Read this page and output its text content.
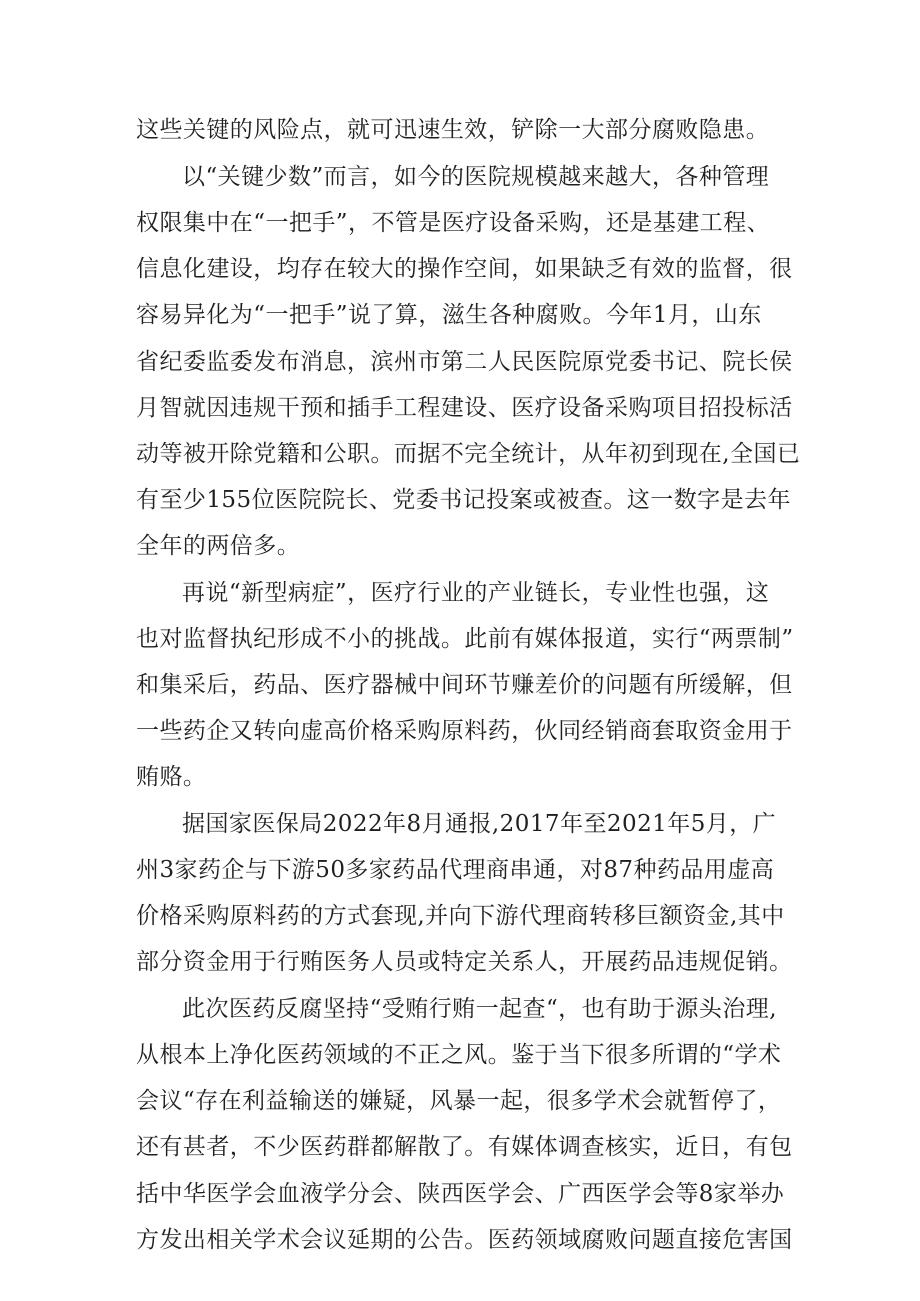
这些关键的风险点，就可迅速生效，铲除一大部分腐败隐患。
以“关键少数”而言，如今的医院规模越来越大，各种管理
权限集中在“一把手”，不管是医疗设备采购，还是基建工程、
信息化建设，均存在较大的操作空间，如果缺乏有效的监督，很
容易异化为“一把手”说了算，滋生各种腐败。今年1月，山东
省纪委监委发布消息，滨州市第二人民医院原党委书记、院长侯
月智就因违规干预和插手工程建设、医疗设备采购项目招投标活
动等被开除党籍和公职。而据不完全统计，从年初到现在,全国已
有至少155位医院院长、党委书记投案或被查。这一数字是去年
全年的两倍多。
再说“新型病症”，医疗行业的产业链长，专业性也强，这
也对监督执纪形成不小的挑战。此前有媒体报道，实行“两票制”
和集采后，药品、医疗器械中间环节赚差价的问题有所缓解，但
一些药企又转向虚高价格采购原料药，伙同经销商套取资金用于
贿赂。
据国家医保局2022年8月通报,2017年至2021年5月，广
州3家药企与下游50多家药品代理商串通，对87种药品用虚高
价格采购原料药的方式套现,并向下游代理商转移巨额资金,其中
部分资金用于行贿医务人员或特定关系人，开展药品违规促销。
此次医药反腐坚持“受贿行贿一起查“，也有助于源头治理,
从根本上净化医药领域的不正之风。鉴于当下很多所谓的“学术
会议“存在利益输送的嫌疑，风暴一起，很多学术会就暂停了，
还有甚者，不少医药群都解散了。有媒体调查核实，近日，有包
括中华医学会血液学分会、陕西医学会、广西医学会等8家举办
方发出相关学术会议延期的公告。医药领域腐败问题直接危害国
